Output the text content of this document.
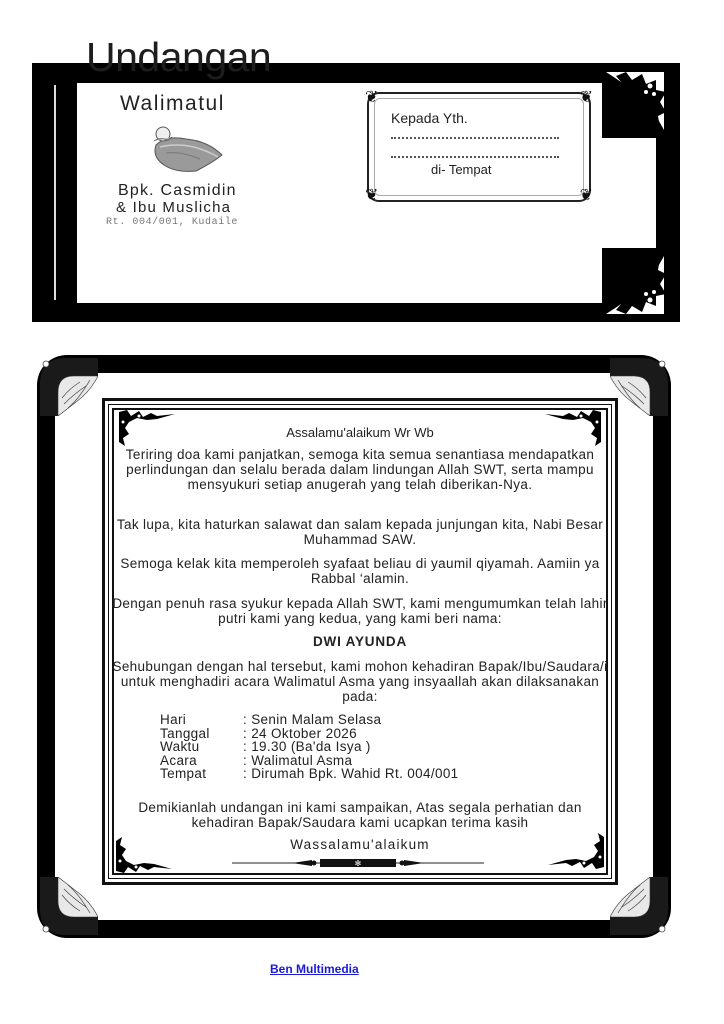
Undangan
Walimatul
Bpk. Casmidin
& Ibu Muslicha
Rt. 004/001, Kudaile
❦	❦
❦	❦
Kepada Yth.
di- Tempat
Assalamu'alaikum Wr Wb
Teriring doa kami panjatkan, semoga kita semua senantiasa mendapatkan perlindungan dan selalu berada dalam lindungan Allah SWT, serta mampu mensyukuri setiap anugerah yang telah diberikan-Nya.
Tak lupa, kita haturkan salawat dan salam kepada junjungan kita, Nabi Besar Muhammad SAW.
Semoga kelak kita memperoleh syafaat beliau di yaumil qiyamah. Aamiin ya Rabbal ‘alamin.
Dengan penuh rasa syukur kepada Allah SWT, kami mengumumkan telah lahir putri kami yang kedua, yang kami beri nama:
DWI AYUNDA
Sehubungan dengan hal tersebut, kami mohon kehadiran Bapak/Ibu/Saudara/i untuk menghadiri acara Walimatul Asma yang insyaallah akan dilaksanakan pada:
Hari	: Senin Malam Selasa
Tanggal	: 24 Oktober 2026
Waktu	: 19.30 (Ba'da Isya )
Acara	: Walimatul Asma
Tempat	: Dirumah Bpk. Wahid Rt. 004/001
Demikianlah undangan ini kami sampaikan, Atas segala perhatian dan kehadiran Bapak/Saudara kami ucapkan terima kasih
Wassalamu'alaikum
✻
Ben Multimedia
